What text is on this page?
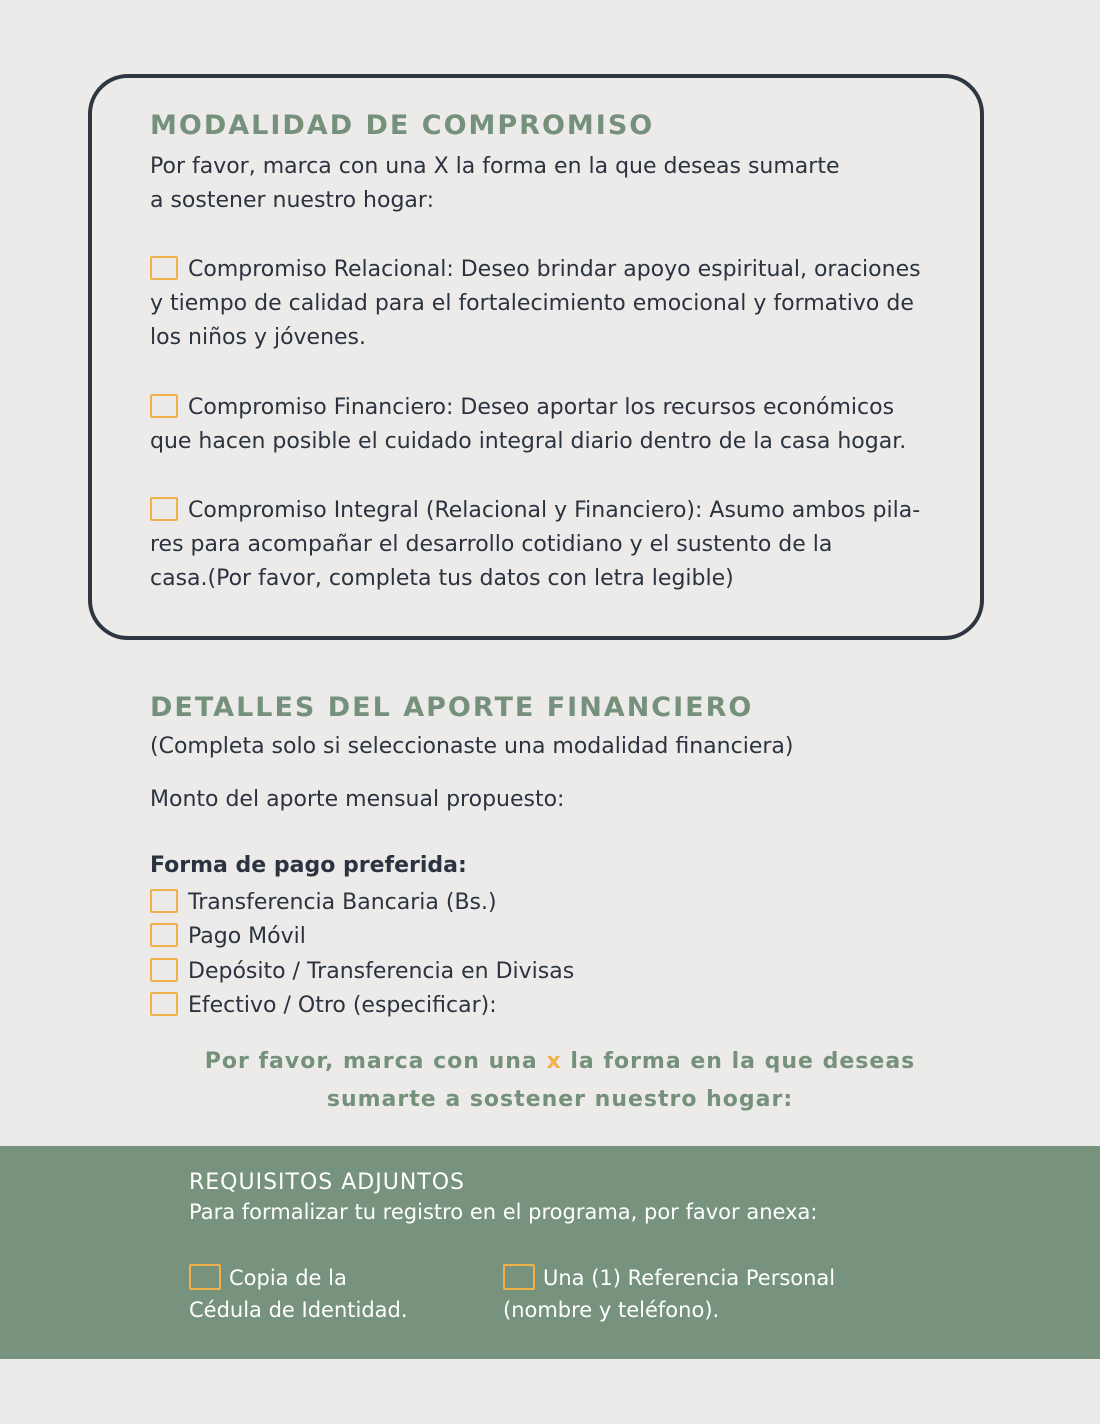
MODALIDAD DE COMPROMISO
Por favor, marca con una X la forma en la que deseas sumarte
a sostener nuestro hogar:
Compromiso Relacional: Deseo brindar apoyo espiritual, oraciones
y tiempo de calidad para el fortalecimiento emocional y formativo de
los niños y jóvenes.
Compromiso Financiero: Deseo aportar los recursos económicos
que hacen posible el cuidado integral diario dentro de la casa hogar.
Compromiso Integral (Relacional y Financiero): Asumo ambos pila-
res para acompañar el desarrollo cotidiano y el sustento de la
casa.(Por favor, completa tus datos con letra legible)
DETALLES DEL APORTE FINANCIERO
(Completa solo si seleccionaste una modalidad financiera)
Monto del aporte mensual propuesto:
Forma de pago preferida:
Transferencia Bancaria (Bs.)
Pago Móvil
Depósito / Transferencia en Divisas
Efectivo / Otro (especificar):
Por favor, marca con una x la forma en la que deseas
sumarte a sostener nuestro hogar:
REQUISITOS ADJUNTOS
Para formalizar tu registro en el programa, por favor anexa:
Copia de la
Cédula de Identidad.
Una (1) Referencia Personal
(nombre y teléfono).
